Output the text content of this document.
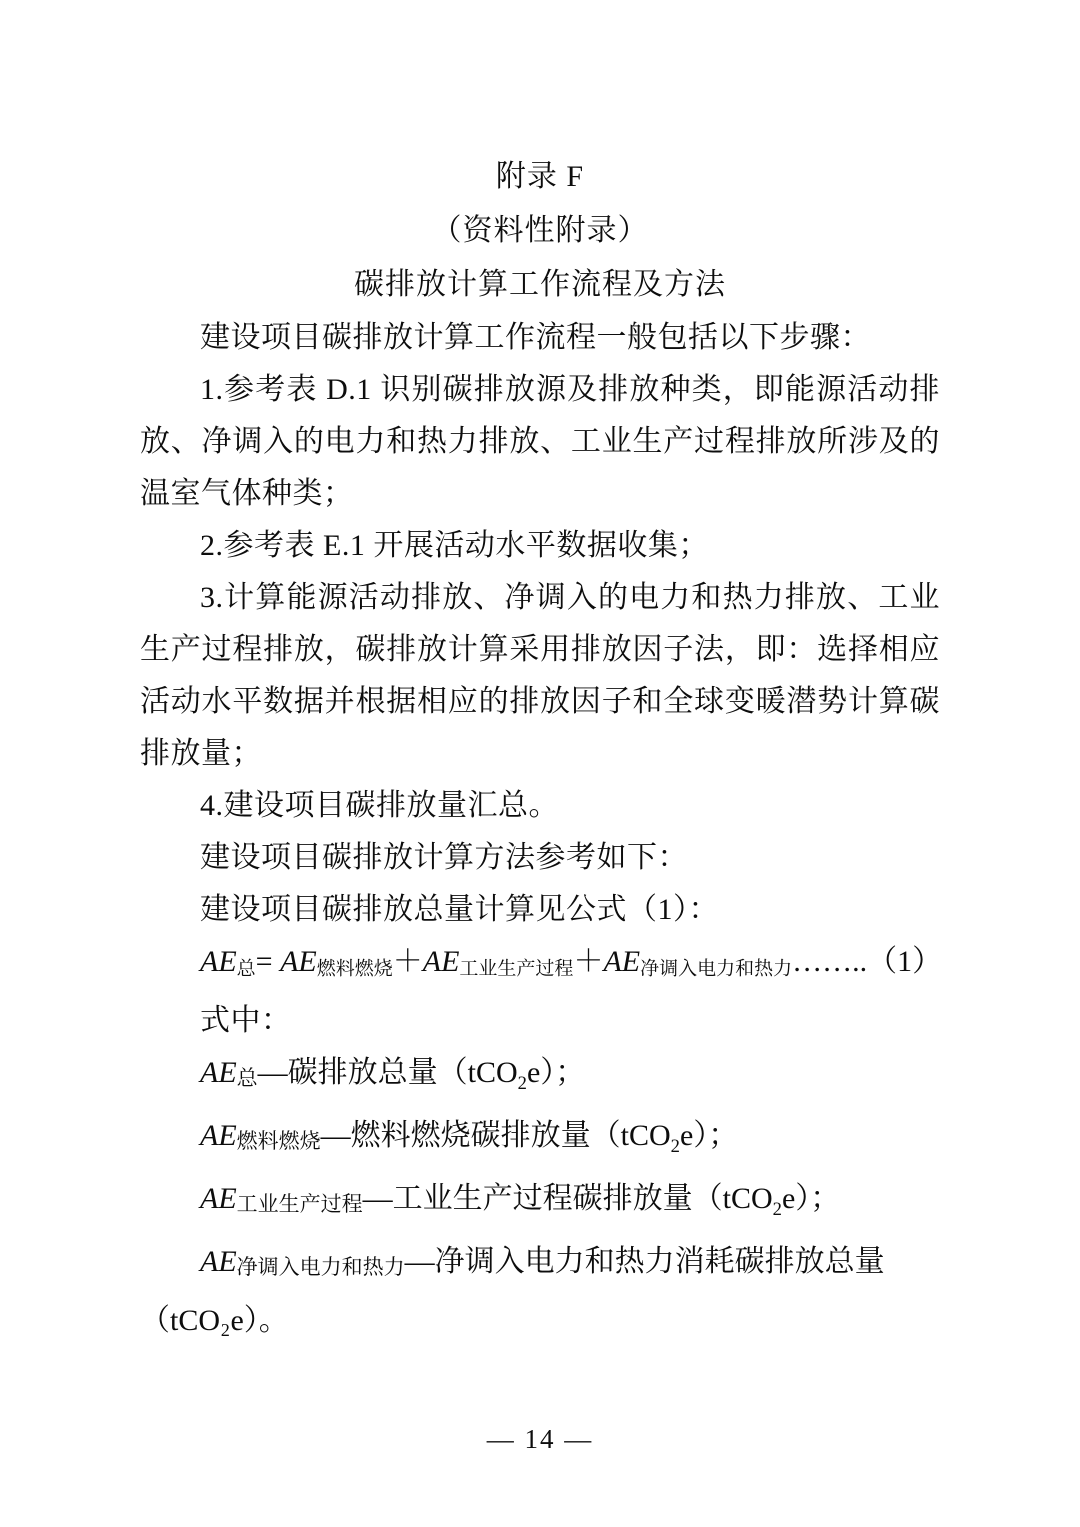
附录 F
（资料性附录）
碳排放计算工作流程及方法

建设项目碳排放计算工作流程一般包括以下步骤：

1.参考表 D.1 识别碳排放源及排放种类，即能源活动排放、净调入的电力和热力排放、工业生产过程排放所涉及的温室气体种类；

2.参考表 E.1 开展活动水平数据收集；

3.计算能源活动排放、净调入的电力和热力排放、工业生产过程排放，碳排放计算采用排放因子法，即：选择相应活动水平数据并根据相应的排放因子和全球变暖潜势计算碳排放量；

4.建设项目碳排放量汇总。

建设项目碳排放计算方法参考如下：

建设项目碳排放总量计算见公式（1）：

AE总= AE燃料燃烧＋AE工业生产过程＋AE净调入电力和热力……..（1）

式中：

AE总—碳排放总量（tCO$_2$e）；

AE燃料燃烧—燃料燃烧碳排放量（tCO$_2$e）；

AE工业生产过程—工业生产过程碳排放量（tCO$_2$e）；

AE净调入电力和热力—净调入电力和热力消耗碳排放总量

（tCO₂e）。

— 14 —
